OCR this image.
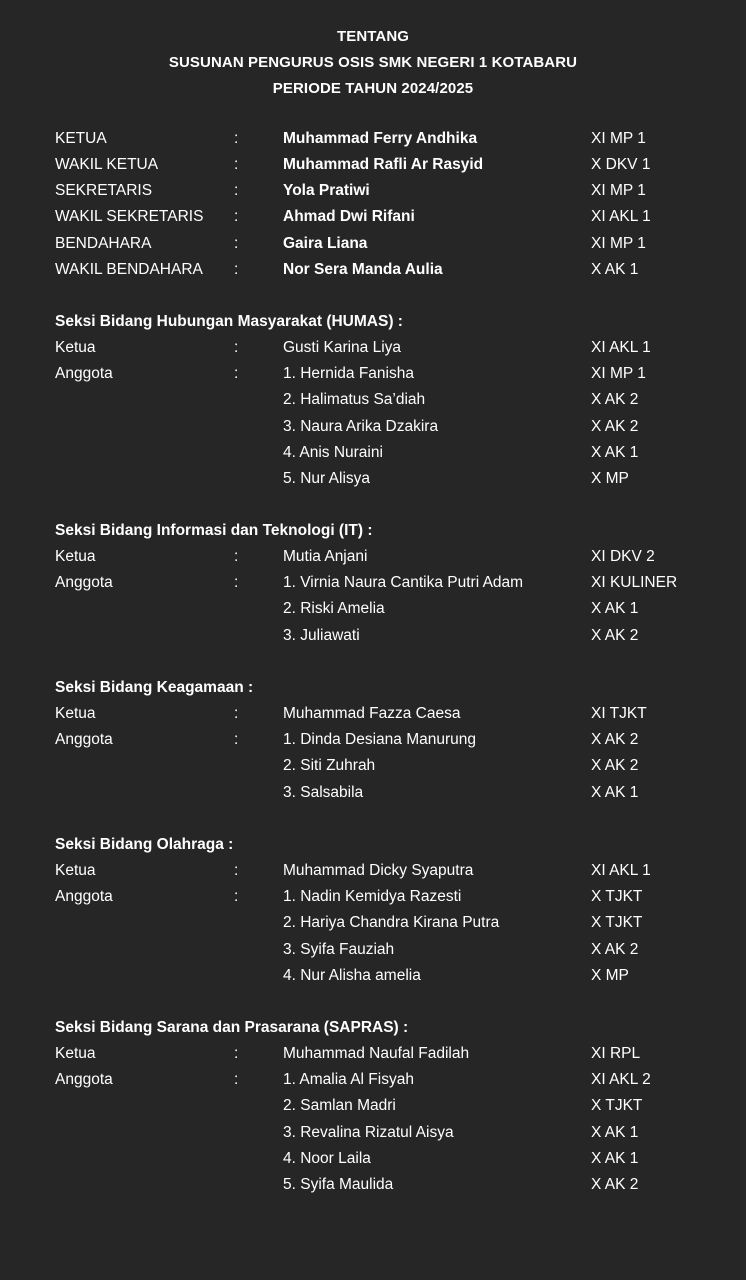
TENTANG
SUSUNAN PENGURUS OSIS SMK NEGERI 1 KOTABARU
PERIODE TAHUN 2024/2025
KETUA	:	Muhammad Ferry Andhika	XI MP 1
WAKIL KETUA	:	Muhammad Rafli Ar Rasyid	X DKV 1
SEKRETARIS	:	Yola Pratiwi	XI MP 1
WAKIL SEKRETARIS :	Ahmad Dwi Rifani	XI AKL 1
BENDAHARA	:	Gaira Liana	XI MP 1
WAKIL BENDAHARA :	Nor Sera Manda Aulia	X AK 1
Seksi Bidang Hubungan Masyarakat (HUMAS) :
Ketua	:	Gusti Karina Liya	XI AKL 1
Anggota	:	1. Hernida Fanisha	XI MP 1
2. Halimatus Sa’diah	X AK 2
3. Naura Arika Dzakira	X AK 2
4. Anis Nuraini	X AK 1
5. Nur Alisya	X MP
Seksi Bidang Informasi dan Teknologi (IT) :
Ketua	:	Mutia Anjani	XI DKV 2
Anggota	:	1. Virnia Naura Cantika Putri Adam	XI KULINER
2. Riski Amelia	X AK 1
3. Juliawati	X AK 2
Seksi Bidang Keagamaan :
Ketua	:	Muhammad Fazza Caesa	XI TJKT
Anggota	:	1. Dinda Desiana Manurung	X AK 2
2. Siti Zuhrah	X AK 2
3. Salsabila	X AK 1
Seksi Bidang Olahraga :
Ketua	:	Muhammad Dicky Syaputra	XI AKL 1
Anggota	:	1. Nadin Kemidya Razesti	X TJKT
2. Hariya Chandra Kirana Putra	X TJKT
3. Syifa Fauziah	X AK 2
4. Nur Alisha amelia	X MP
Seksi Bidang Sarana dan Prasarana (SAPRAS) :
Ketua	:	Muhammad Naufal Fadilah	XI RPL
Anggota	:	1. Amalia Al Fisyah	XI AKL 2
2. Samlan Madri	X TJKT
3. Revalina Rizatul Aisya	X AK 1
4. Noor Laila	X AK 1
5. Syifa Maulida	X AK 2
